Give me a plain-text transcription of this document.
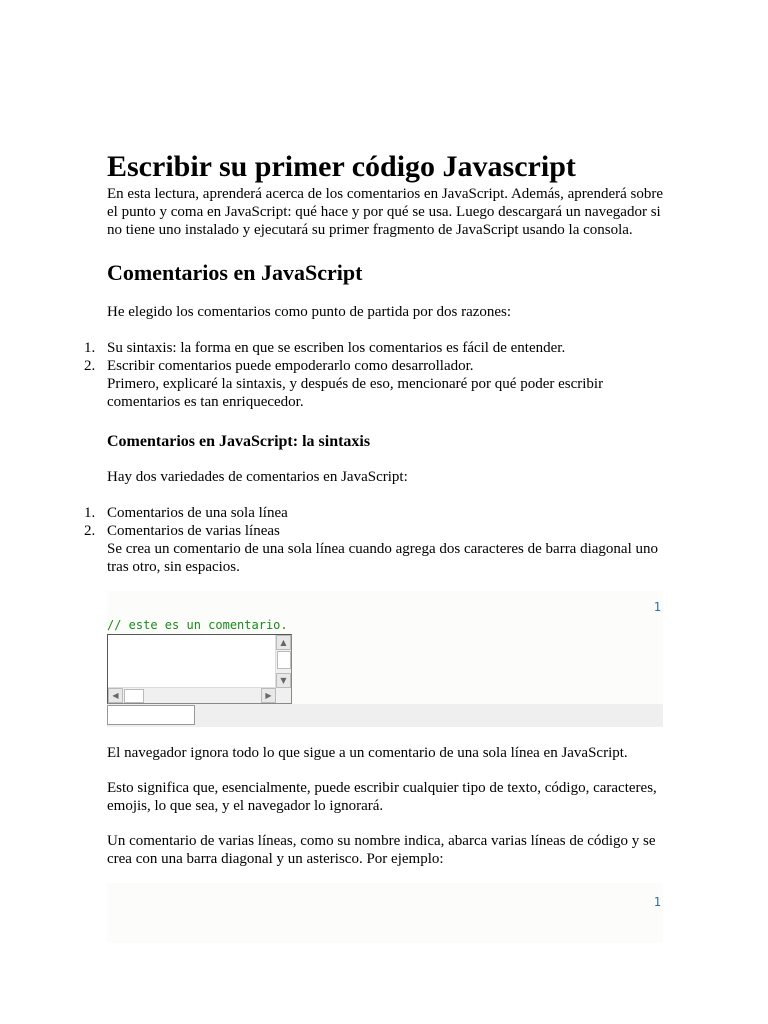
Escribir su primer código Javascript

En esta lectura, aprenderá acerca de los comentarios en JavaScript. Además, aprenderá sobre el punto y coma en JavaScript: qué hace y por qué se usa. Luego descargará un navegador si no tiene uno instalado y ejecutará su primer fragmento de JavaScript usando la consola.

Comentarios en JavaScript

He elegido los comentarios como punto de partida por dos razones:

1. Su sintaxis: la forma en que se escriben los comentarios es fácil de entender.
2. Escribir comentarios puede empoderarlo como desarrollador.

Primero, explicaré la sintaxis, y después de eso, mencionaré por qué poder escribir comentarios es tan enriquecedor.

Comentarios en JavaScript: la sintaxis

Hay dos variedades de comentarios en JavaScript:

1. Comentarios de una sola línea
2. Comentarios de varias líneas

Se crea un comentario de una sola línea cuando agrega dos caracteres de barra diagonal uno tras otro, sin espacios.

1
// este es un comentario.
▲
▼
◀	▶

El navegador ignora todo lo que sigue a un comentario de una sola línea en JavaScript.

Esto significa que, esencialmente, puede escribir cualquier tipo de texto, código, caracteres, emojis, lo que sea, y el navegador lo ignorará.

Un comentario de varias líneas, como su nombre indica, abarca varias líneas de código y se crea con una barra diagonal y un asterisco. Por ejemplo:

1
